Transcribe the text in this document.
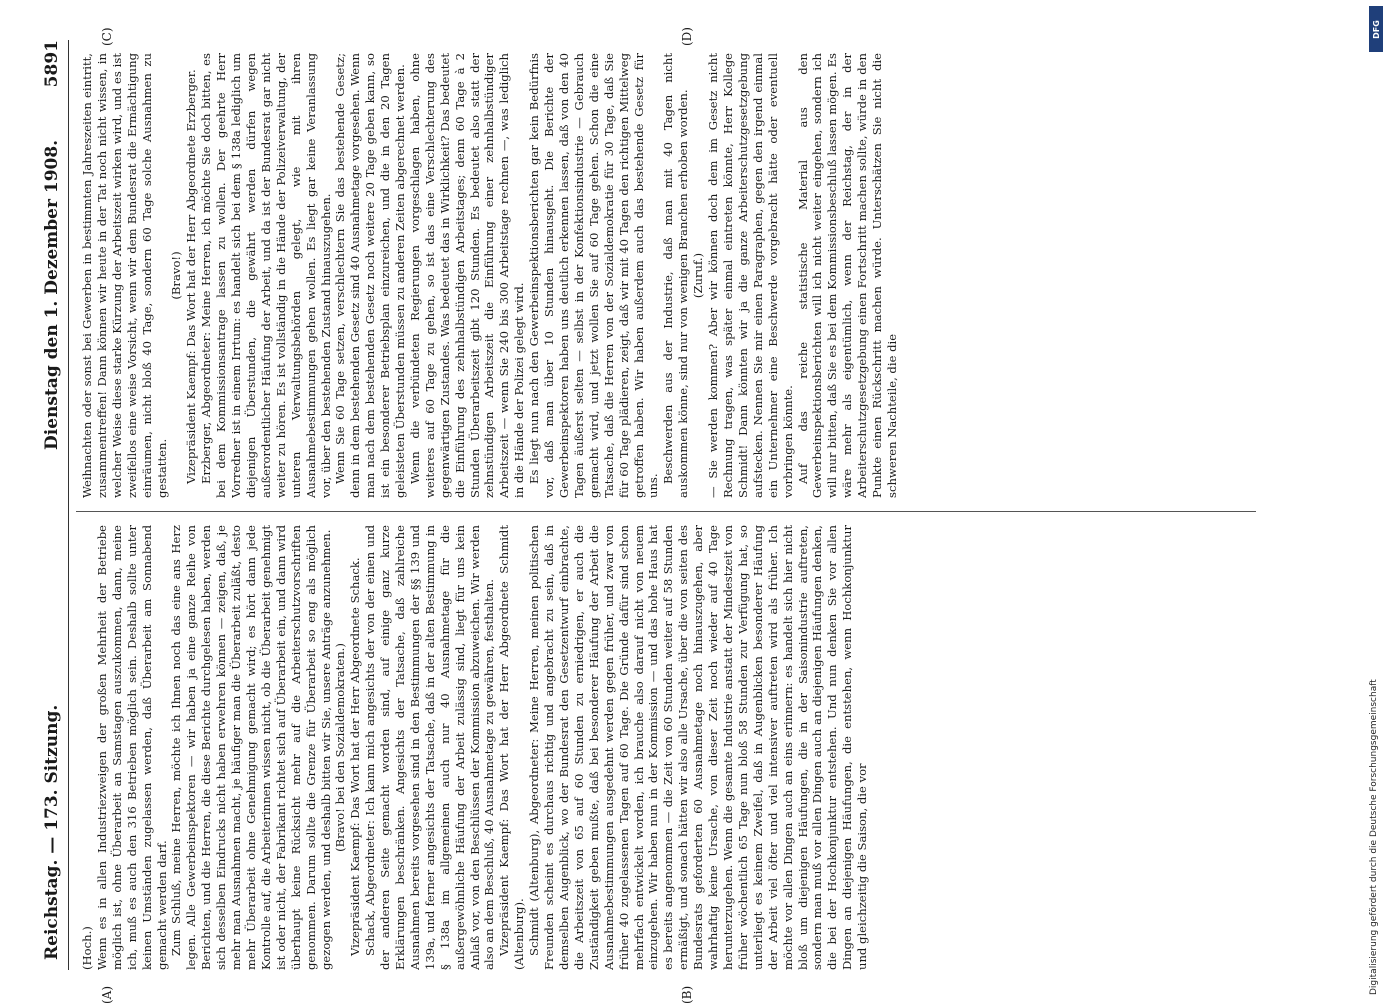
Reichstag. — 173. Sitzung.
Dienstag den 1. Dezember 1908.
5891
(A)	(B)
(C)	(D)

(Hoch.) Wenn es in allen Industriezweigen der großen Mehrheit der Betriebe möglich ist, ohne Überarbeit an Samstagen auszukommen, dann, meine ich, muß es auch den 316 Betrieben möglich sein. Deshalb sollte unter keinen Umständen zugelassen werden, daß Überarbeit am Sonnabend gemacht werden darf. Zum Schluß, meine Herren, möchte ich Ihnen noch das eine ans Herz legen. Alle Gewerbeinspektoren — wir haben ja eine ganze Reihe von Berichten, und die Herren, die diese Berichte durchgelesen haben, werden sich desselben Eindrucks nicht haben erwehren können — zeigen, daß, je mehr man Ausnahmen macht, je häufiger man die Überarbeit zuläßt, desto mehr Überarbeit ohne Genehmigung gemacht wird; es hört dann jede Kontrolle auf, die Arbeiterinnen wissen nicht, ob die Überarbeit genehmigt ist oder nicht, der Fabrikant richtet sich auf Überarbeit ein, und dann wird überhaupt keine Rücksicht mehr auf die Arbeiterschutzvorschriften genommen. Darum sollte die Grenze für Überarbeit so eng als möglich gezogen werden, und deshalb bitten wir Sie, unsere Anträge anzunehmen. (Bravo! bei den Sozialdemokraten.) Vizepräsident Kaempf: Das Wort hat der Herr Abgeordnete Schack. Schack, Abgeordneter: Ich kann mich angesichts der von der einen und der anderen Seite gemacht worden sind, auf einige ganz kurze Erklärungen beschränken. Angesichts der Tatsache, daß zahlreiche Ausnahmen bereits vorgesehen sind in den Bestimmungen der §§ 139 und 139a, und ferner angesichts der Tatsache, daß in der alten Bestimmung in § 138a im allgemeinen auch nur 40 Ausnahmetage für die außergewöhnliche Häufung der Arbeit zulässig sind, liegt für uns kein Anlaß vor, von den Beschlüssen der Kommission abzuweichen. Wir werden also an dem Beschluß, 40 Ausnahmetage zu gewähren, festhalten. Vizepräsident Kaempf: Das Wort hat der Herr Abgeordnete Schmidt (Altenburg). Schmidt (Altenburg), Abgeordneter: Meine Herren, meinen politischen Freunden scheint es durchaus richtig und angebracht zu sein, daß in demselben Augenblick, wo der Bundesrat den Gesetzentwurf einbrachte, die Arbeitszeit von 65 auf 60 Stunden zu erniedrigen, er auch die Zuständigkeit geben mußte, daß bei besonderer Häufung der Arbeit die Ausnahmebestimmungen ausgedehnt werden gegen früher, und zwar von früher 40 zugelassenen Tagen auf 60 Tage. Die Gründe dafür sind schon mehrfach entwickelt worden, ich brauche also darauf nicht von neuem einzugehen. Wir haben nun in der Kommission — und das hohe Haus hat es bereits angenommen — die Zeit von 60 Stunden weiter auf 58 Stunden ermäßigt, und sonach hätten wir also alle Ursache, über die von seiten des Bundesrats geforderten 60 Ausnahmetage noch hinauszugehen, aber wahrhaftig keine Ursache, von dieser Zeit noch wieder auf 40 Tage herunterzugehen. Wenn die gesamte Industrie anstatt der Mindestzeit von früher wöchentlich 65 Tage nun bloß 58 Stunden zur Verfügung hat, so unterliegt es keinem Zweifel, daß in Augenblicken besonderer Häufung der Arbeit viel öfter und viel intensiver auftreten wird als früher. Ich möchte vor allen Dingen auch an eins erinnern: es handelt sich hier nicht bloß um diejenigen Häufungen, die in der Saisonindustrie auftreten, sondern man muß vor allen Dingen auch an diejenigen Häufungen denken, die bei der Hochkonjunktur entstehen. Und nun denken Sie vor allen Dingen an diejenigen Häufungen, die entstehen, wenn Hochkonjunktur und gleichzeitig die Saison, die vor

Weihnachten oder sonst bei Gewerben in bestimmten Jahreszeiten eintritt, zusammentreffen! Dann können wir heute in der Tat noch nicht wissen, in welcher Weise diese starke Kürzung der Arbeitszeit wirken wird, und es ist zweifellos eine weise Vorsicht, wenn wir dem Bundesrat die Ermächtigung einräumen, nicht bloß 40 Tage, sondern 60 Tage solche Ausnahmen zu gestatten.

(Bravo!) Vizepräsident Kaempf: Das Wort hat der Herr Abgeordnete Erzberger. Erzberger, Abgeordneter: Meine Herren, ich möchte Sie doch bitten, es bei dem Kommissionsantrage lassen zu wollen. Der geehrte Herr Vorredner ist in einem Irrtum: es handelt sich bei dem § 138a lediglich um diejenigen Überstunden, die gewährt werden dürfen wegen außerordentlicher Häufung der Arbeit, und da ist der Bundesrat gar nicht weiter zu hören. Es ist vollständig in die Hände der Polizeiverwaltung, der unteren Verwaltungsbehörden gelegt, wie mit ihren Ausnahmebestimmungen gehen wollen. Es liegt gar keine Veranlassung vor, über den bestehenden Zustand hinauszugehen. Wenn Sie 60 Tage setzen, verschlechtern Sie das bestehende Gesetz; denn in dem bestehenden Gesetz sind 40 Ausnahmetage vorgesehen. Wenn man nach dem bestehenden Gesetz noch weitere 20 Tage geben kann, so ist ein besonderer Betriebsplan einzureichen, und die in den 20 Tagen geleisteten Überstunden müssen zu anderen Zeiten abgerechnet werden. Wenn die verbündeten Regierungen vorgeschlagen haben, ohne weiteres auf 60 Tage zu gehen, so ist das eine Verschlechterung des gegenwärtigen Zustandes. Was bedeutet das in Wirklichkeit? Das bedeutet die Einführung des zehnhalbstündigen Arbeitstages; denn 60 Tage à 2 Stunden Überarbeitszeit gibt 120 Stunden. Es bedeutet also statt der zehnstündigen Arbeitszeit die Einführung einer zehnhalbstündiger Arbeitszeit — wenn Sie 240 bis 300 Arbeitstage rechnen —, was lediglich in die Hände der Polizei gelegt wird. Es liegt nun nach den Gewerbeinspektionsberichten gar kein Bedürfnis vor, daß man über 10 Stunden hinausgeht. Die Berichte der Gewerbeinspektoren haben uns deutlich erkennen lassen, daß von den 40 Tagen äußerst selten — selbst in der Konfektionsindustrie — Gebrauch gemacht wird, und jetzt wollen Sie auf 60 Tage gehen. Schon die eine Tatsache, daß die Herren von der Sozialdemokratie für 30 Tage, daß Sie für 60 Tage plädieren, zeigt, daß wir mit 40 Tagen den richtigen Mittelweg getroffen haben. Wir haben außerdem auch das bestehende Gesetz für uns.

Beschwerden aus der Industrie, daß man mit 40 Tagen nicht auskommen könne, sind nur von wenigen Branchen erhoben worden. (Zuruf.) — Sie werden kommen? Aber wir können doch dem im Gesetz nicht Rechnung tragen, was später einmal eintreten könnte, Herr Kollege Schmidt! Dann könnten wir ja die ganze Arbeiterschutzgesetzgebung aufstecken. Nennen Sie mir einen Paragraphen, gegen den irgend einmal ein Unternehmer eine Beschwerde vorgebracht hätte oder eventuell vorbringen könnte. Auf das reiche statistische Material aus den Gewerbeinspektionsberichten will ich nicht weiter eingehen, sondern ich will nur bitten, daß Sie es bei dem Kommissionsbeschluß lassen mögen. Es wäre mehr als eigentümlich, wenn der Reichstag, der in der Arbeiterschutzgesetzgebung einen Fortschritt machen sollte, würde in den Punkte einen Rückschritt machen würde. Unterschätzen Sie nicht die schweren Nachteile, die die

DFG
Digitalisierung gefördert durch die Deutsche Forschungsgemeinschaft
